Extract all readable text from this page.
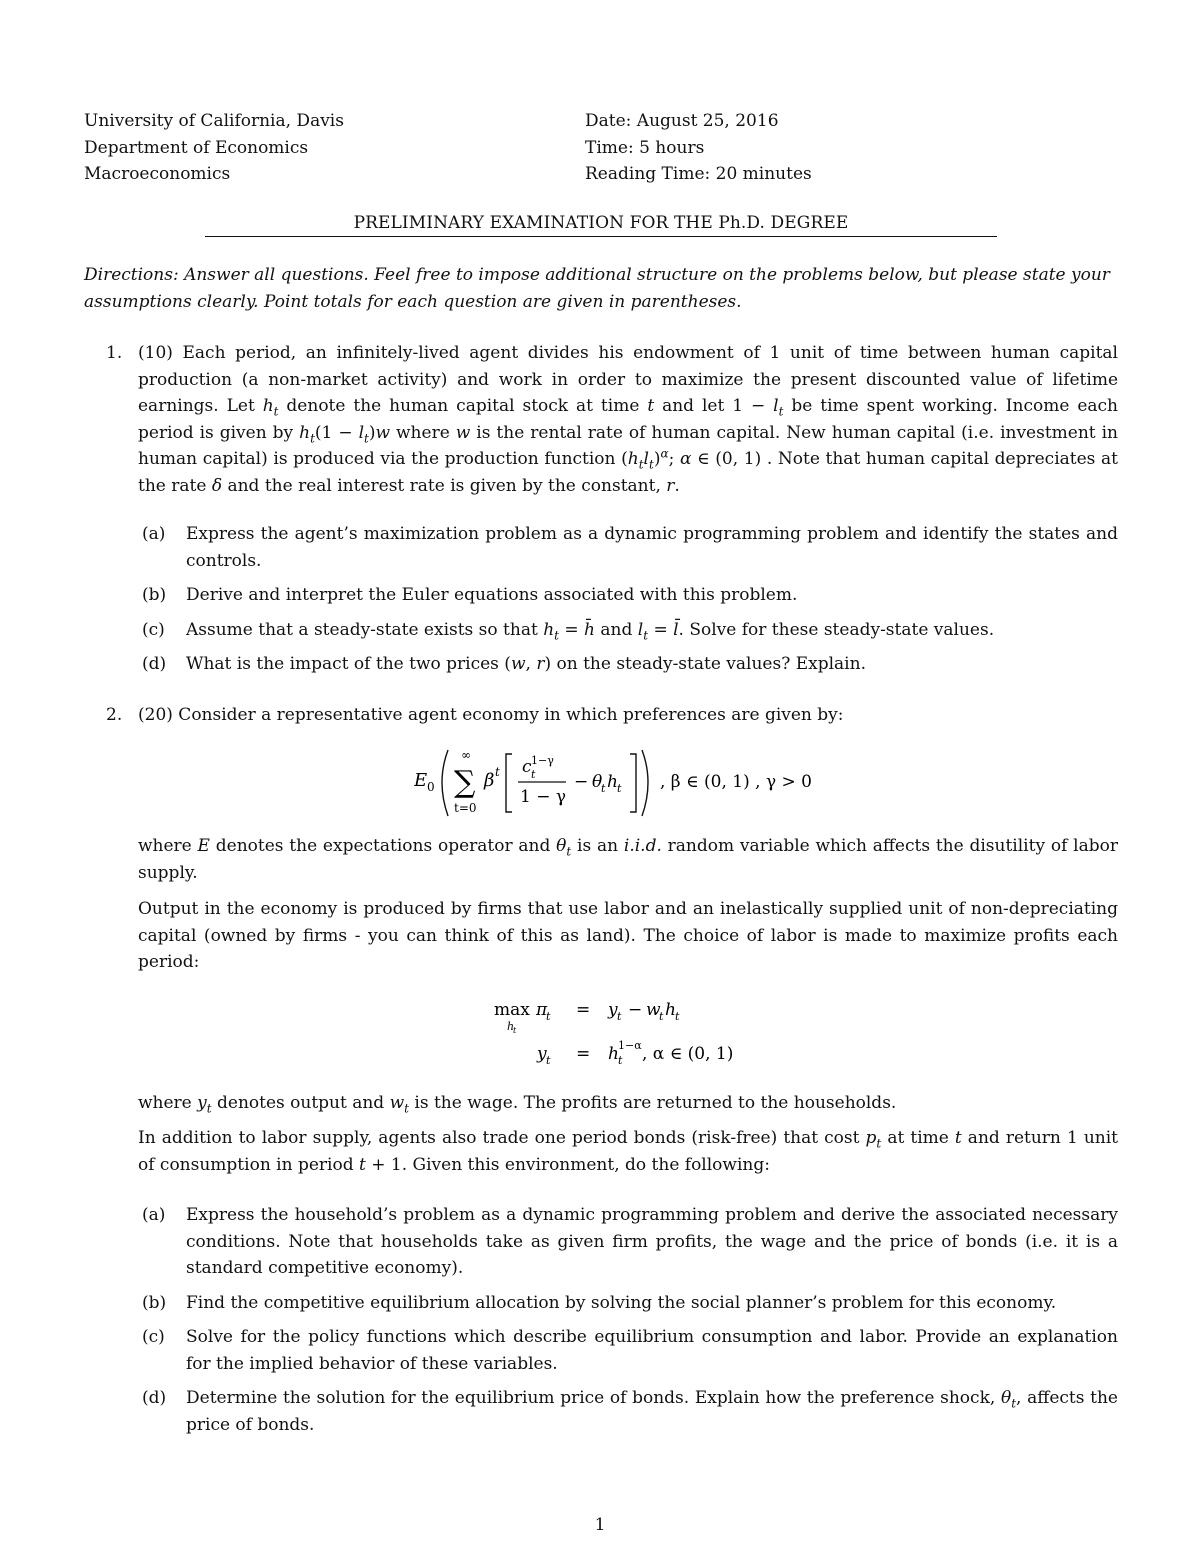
University of California, Davis
Department of Economics
Macroeconomics
Date: August 25, 2016
Time: 5 hours
Reading Time: 20 minutes
PRELIMINARY EXAMINATION FOR THE Ph.D. DEGREE
Directions: Answer all questions. Feel free to impose additional structure on the problems below, but please state your assumptions clearly. Point totals for each question are given in parentheses.
1. (10) Each period, an infinitely-lived agent divides his endowment of 1 unit of time between human capital production (a non-market activity) and work in order to maximize the present discounted value of lifetime earnings. Let $h_t$ denote the human capital stock at time t and let $1 - l_t$ be time spent working. Income each period is given by $h_t(1 - l_t)w$ where w is the rental rate of human capital. New human capital (i.e. investment in human capital) is produced via the production function $(h_tl_t)^\alpha$; α ∈ (0, 1) . Note that human capital depreciates at the rate δ and the real interest rate is given by the constant, r.
(a) Express the agent’s maximization problem as a dynamic programming problem and identify the states and controls.
(b) Derive and interpret the Euler equations associated with this problem.
(c) Assume that a steady-state exists so that $h_t$ = h̄ and $l_t$ = l̄. Solve for these steady-state values.
(d) What is the impact of the two prices (w, r) on the steady-state values? Explain.
2. (20) Consider a representative agent economy in which preferences are given by:
E 0
∞
∑
t=0
β t c t
1−γ
1 − γ
− θ
t h t , β ∈ (0, 1) , γ > 0
where E denotes the expectations operator and $\theta_t$ is an i.i.d. random variable which affects the disutility of labor supply.
Output in the economy is produced by firms that use labor and an inelastically supplied unit of non-depreciating capital (owned by firms - you can think of this as land). The choice of labor is made to maximize profits each period:
max
h
t
π
t = y t − w
t h t
y t = h t
1−α , α ∈ (0, 1)
where $y_t$ denotes output and $w_t$ is the wage. The profits are returned to the households.
In addition to labor supply, agents also trade one period bonds (risk-free) that cost $p_t$ at time t and return 1 unit of consumption in period t + 1. Given this environment, do the following:
(a) Express the household’s problem as a dynamic programming problem and derive the associated necessary conditions. Note that households take as given firm profits, the wage and the price of bonds (i.e. it is a standard competitive economy).
(b) Find the competitive equilibrium allocation by solving the social planner’s problem for this economy.
(c) Solve for the policy functions which describe equilibrium consumption and labor. Provide an explanation for the implied behavior of these variables.
(d) Determine the solution for the equilibrium price of bonds. Explain how the preference shock, $\theta_t$, affects the price of bonds.
1
